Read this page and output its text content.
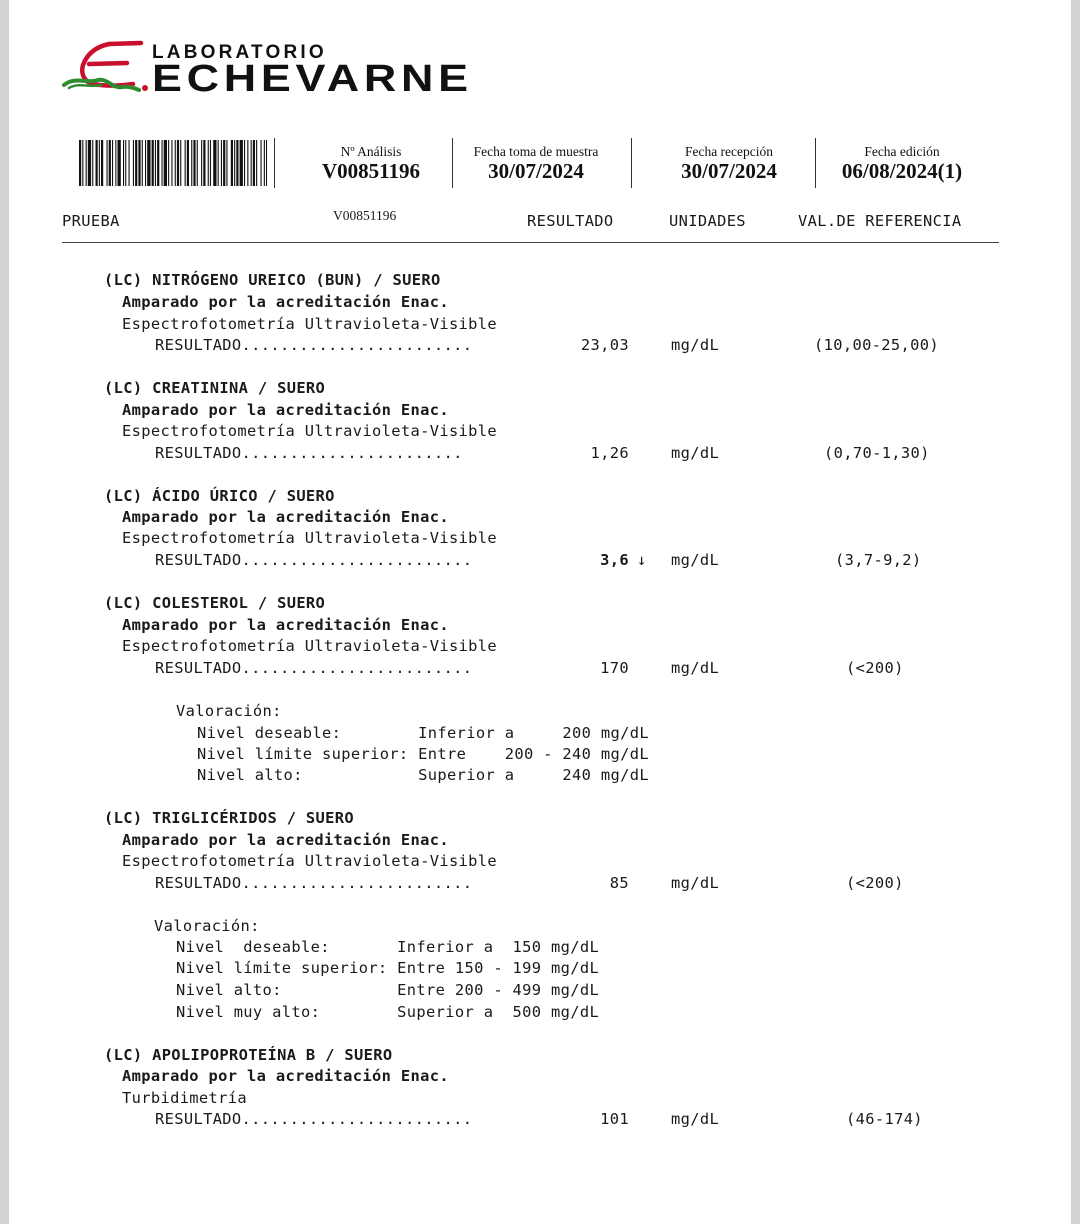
LABORATORIO
ECHEVARNE
Nº Análisis
V00851196
Fecha toma de muestra
30/07/2024
Fecha recepción
30/07/2024
Fecha edición
06/08/2024(1)
PRUEBA	V00851196	RESULTADO	UNIDADES	VAL.DE REFERENCIA
(LC) NITRÓGENO UREICO (BUN) / SUERO
Amparado por la acreditación Enac.
Espectrofotometría Ultravioleta-Visible
RESULTADO........................	23,03	mg/dL	(10,00-25,00)
(LC) CREATININA / SUERO
Amparado por la acreditación Enac.
Espectrofotometría Ultravioleta-Visible
RESULTADO.......................	1,26	mg/dL	(0,70-1,30)
(LC) ÁCIDO ÚRICO / SUERO
Amparado por la acreditación Enac.
Espectrofotometría Ultravioleta-Visible
RESULTADO........................	3,6 ↓ mg/dL	(3,7-9,2)
(LC) COLESTEROL / SUERO
Amparado por la acreditación Enac.
Espectrofotometría Ultravioleta-Visible
RESULTADO........................	170	mg/dL	(<200)
Valoración:
Nivel deseable:        Inferior a     200 mg/dL
Nivel límite superior: Entre    200 - 240 mg/dL
Nivel alto:            Superior a     240 mg/dL
(LC) TRIGLICÉRIDOS / SUERO
Amparado por la acreditación Enac.
Espectrofotometría Ultravioleta-Visible
RESULTADO........................	85	mg/dL	(<200)
Valoración:
Nivel  deseable:       Inferior a  150 mg/dL
Nivel límite superior: Entre 150 - 199 mg/dL
Nivel alto:            Entre 200 - 499 mg/dL
Nivel muy alto:        Superior a  500 mg/dL
(LC) APOLIPOPROTEÍNA B / SUERO
Amparado por la acreditación Enac.
Turbidimetría
RESULTADO........................	101	mg/dL	(46-174)
